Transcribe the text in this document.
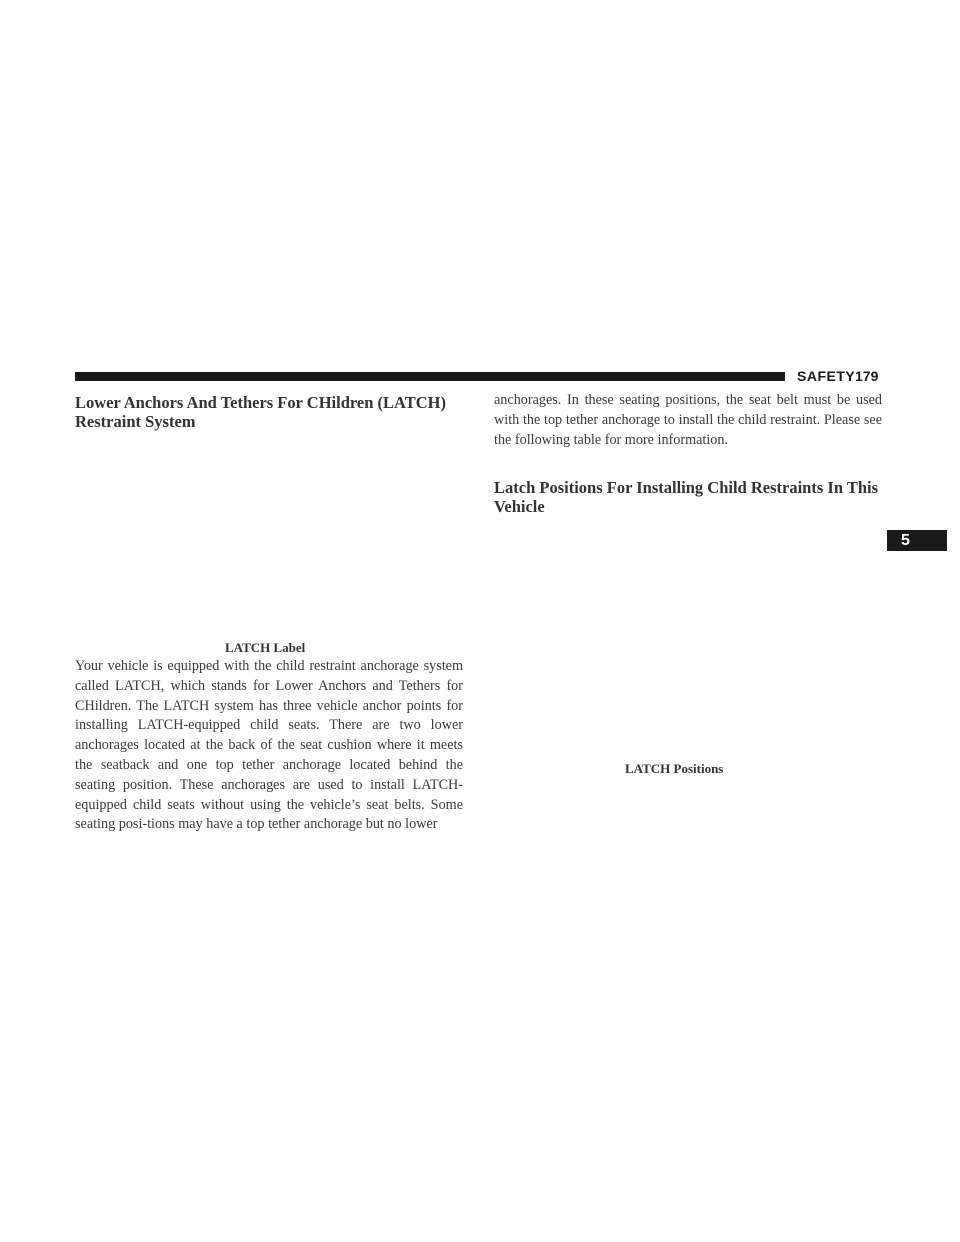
SAFETY 179
5
Lower Anchors And Tethers For CHildren (LATCH) Restraint System
LATCH Label
Your vehicle is equipped with the child restraint anchorage system called LATCH, which stands for Lower Anchors and Tethers for CHildren. The LATCH system has three vehicle anchor points for installing LATCH-equipped child seats. There are two lower anchorages located at the back of the seat cushion where it meets the seatback and one top tether anchorage located behind the seating position. These anchorages are used to install LATCH-equipped child seats without using the vehicle’s seat belts. Some seating posi-tions may have a top tether anchorage but no lower
anchorages. In these seating positions, the seat belt must be used with the top tether anchorage to install the child restraint. Please see the following table for more information.
Latch Positions For Installing Child Restraints In This Vehicle
LATCH Positions
